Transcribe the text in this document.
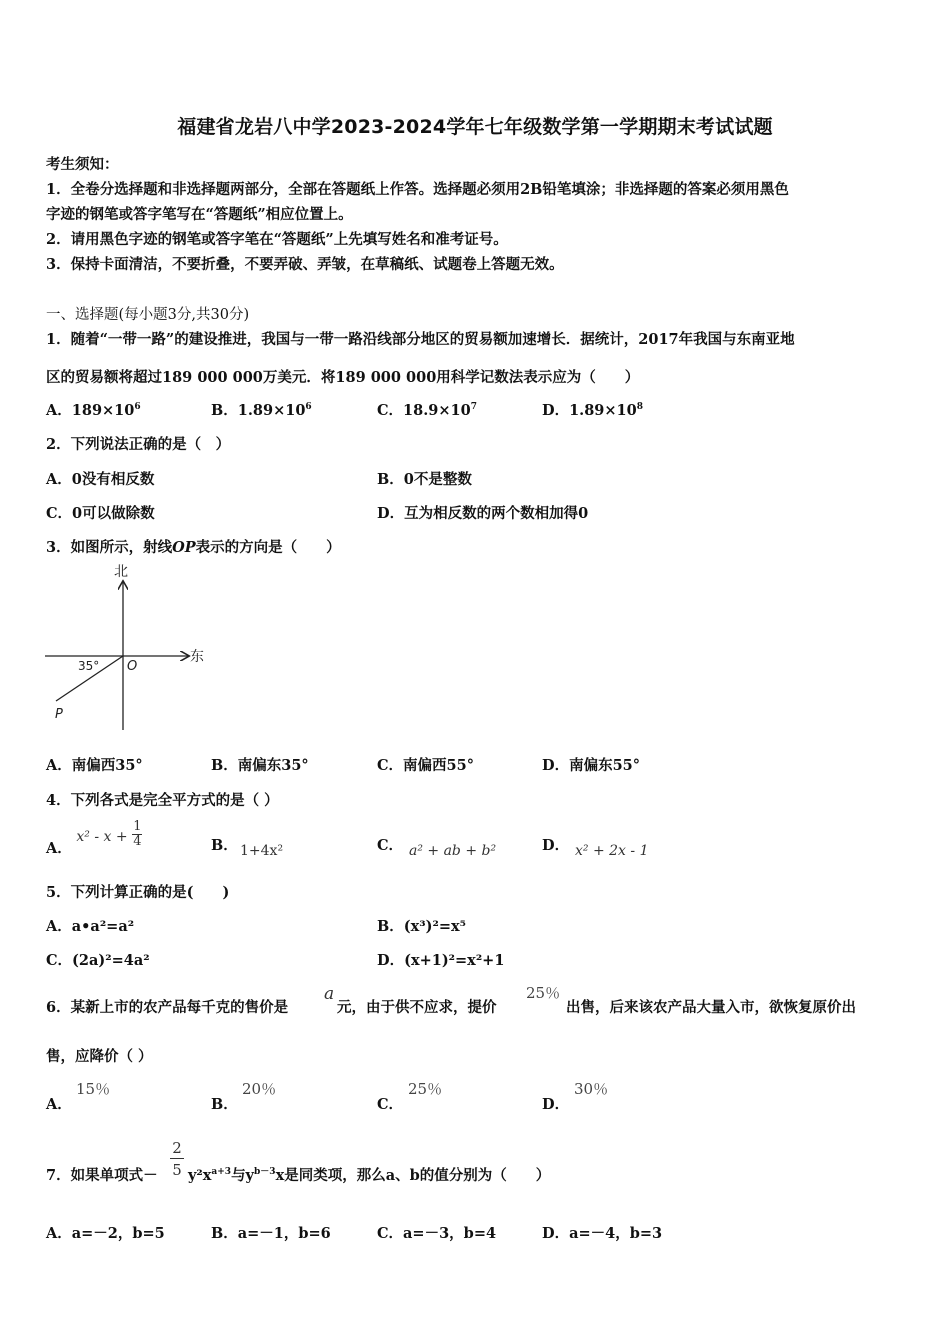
福建省龙岩八中学2023-2024学年七年级数学第一学期期末考试试题
考生须知：
1．全卷分选择题和非选择题两部分，全部在答题纸上作答。选择题必须用2B铅笔填涂；非选择题的答案必须用黑色
字迹的钢笔或答字笔写在“答题纸”相应位置上。
2．请用黑色字迹的钢笔或答字笔在“答题纸”上先填写姓名和准考证号。
3．保持卡面清洁，不要折叠，不要弄破、弄皱，在草稿纸、试题卷上答题无效。
一、选择题(每小题3分,共30分)
1．随着“一带一路”的建设推进，我国与一带一路沿线部分地区的贸易额加速增长．据统计，2017年我国与东南亚地
区的贸易额将超过189 000 000万美元．将189 000 000用科学记数法表示应为（　　）
A．$189\times 10^6$	B．$1.89\times 10^6$	C．$18.9\times 10^7$	D．$1.89\times 10^8$
2．下列说法正确的是（　）
A．0没有相反数	B．0不是整数
C．0可以做除数	D．互为相反数的两个数相加得0
3．如图所示，射线OP表示的方向是（　　）
北
东
35° O
P
A．南偏西35°	B．南偏东35°	C．南偏西55°	D．南偏东55°
4．下列各式是完全平方式的是（ ）
A． $x^2 - x + \frac{1}{4}$	B． 1+4x²	C． a² + ab + b²	D． x² + 2x - 1
5．下列计算正确的是(　　)
A．a•a²=a²	B．(x³)²=x⁵
C．(2a)²=4a²	D．(x+1)²=x²+1
6．某新上市的农产品每千克的售价是
a
元，由于供不应求，提价
25％
出售，后来该农产品大量入市，欲恢复原价出
售，应降价（ ）
A．
15％
B．
20％
C．
25％
D．
30％
7．如果单项式－ $\frac{2}{5} y^2x^{a+3}$与$y^{b-3}x$是同类项，那么a、b的值分别为（　　）
A．a=－2，b=5	B．a=－1，b=6	C．a=－3，b=4	D．a=－4，b=3
